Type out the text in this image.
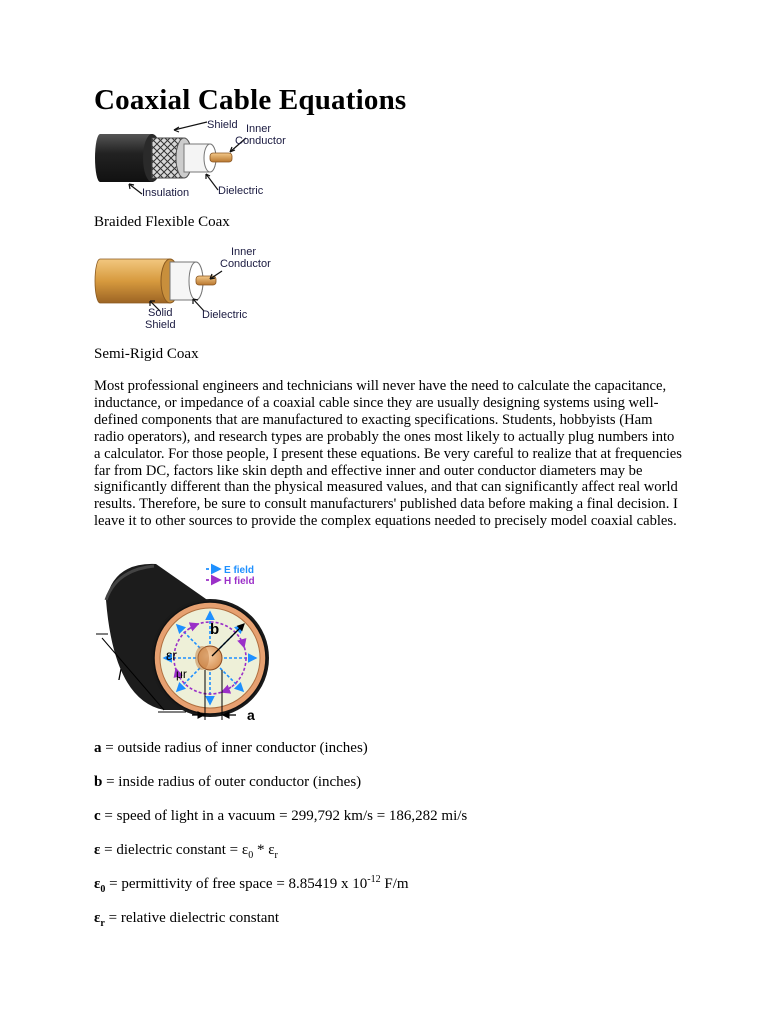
Coaxial Cable Equations
Shield Inner
Conductor
Insulation	Dielectric

Braided Flexible Coax

Inner
Conductor
Solid
Shield
Dielectric

Semi-Rigid Coax

Most professional engineers and technicians will never have the need to calculate the capacitance, inductance, or impedance of a coaxial cable since they are usually designing systems using well-defined components that are manufactured to exacting specifications. Students, hobbyists (Ham radio operators), and research types are probably the ones most likely to actually plug numbers into a calculator. For those people, I present these equations. Be very careful to realize that at frequencies far from DC, factors like skin depth and effective inner and outer conductor diameters may be significantly different than the physical measured values, and that can significantly affect real world results. Therefore, be sure to consult manufacturers' published data before making a final decision. I leave it to other sources to provide the complex equations needed to precisely model coaxial cables.

b
a
l
εr
μr
E field
H field

a = outside radius of inner conductor (inches)

b = inside radius of outer conductor (inches)

c = speed of light in a vacuum = 299,792 km/s = 186,282 mi/s

ε = dielectric constant = $\varepsilon_0 * \varepsilon_r$

$\varepsilon_0$ = permittivity of free space = 8.85419 x $10^{-12}$ F/m

$\varepsilon_r$ = relative dielectric constant
